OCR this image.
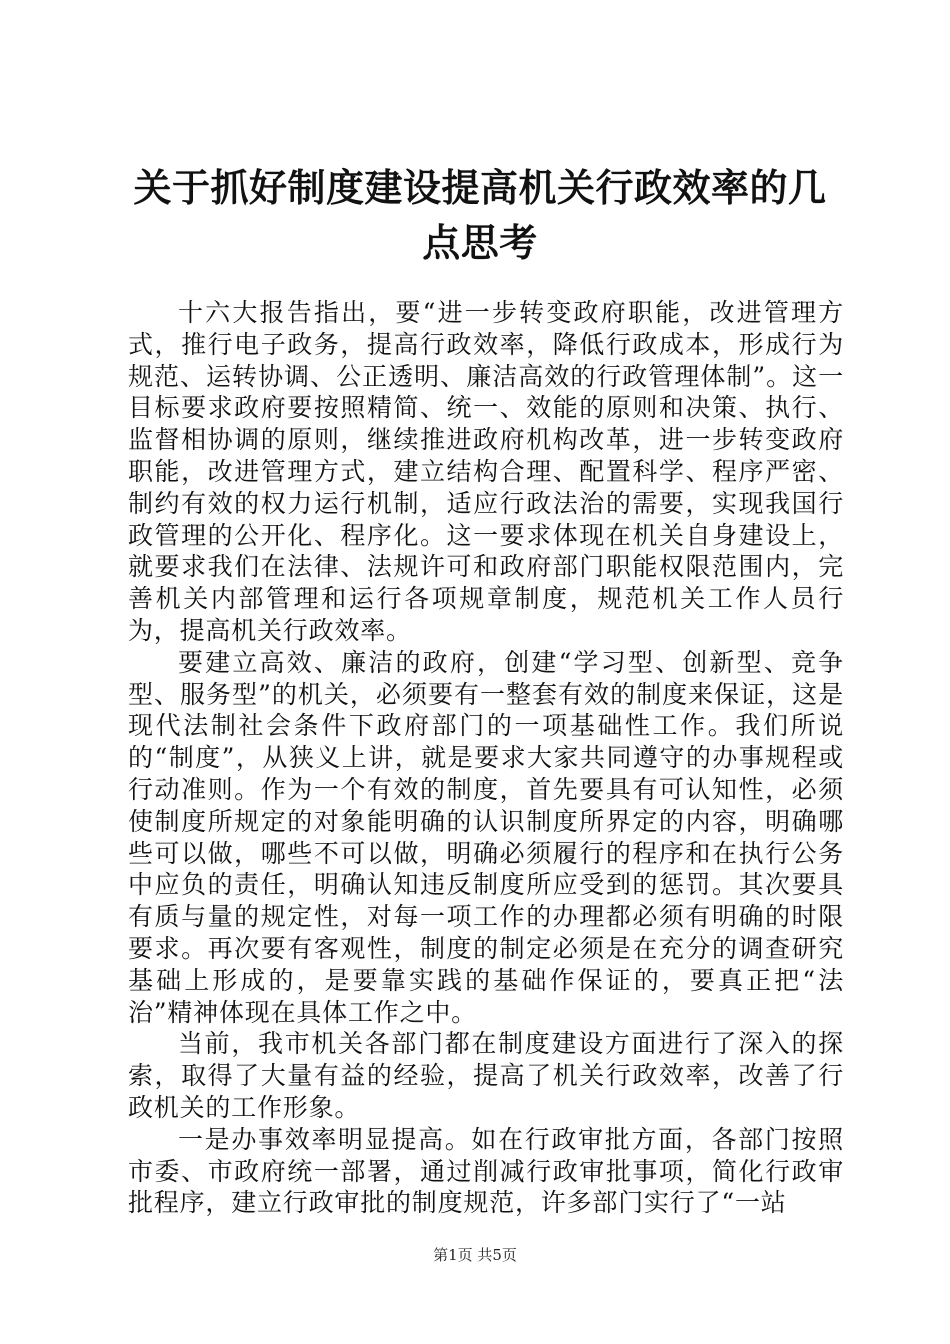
关于抓好制度建设提高机关行政效率的几点思考

十六大报告指出，要“进一步转变政府职能，改进管理方式，推行电子政务，提高行政效率，降低行政成本，形成行为规范、运转协调、公正透明、廉洁高效的行政管理体制”。这一目标要求政府要按照精简、统一、效能的原则和决策、执行、监督相协调的原则，继续推进政府机构改革，进一步转变政府职能，改进管理方式，建立结构合理、配置科学、程序严密、制约有效的权力运行机制，适应行政法治的需要，实现我国行政管理的公开化、程序化。这一要求体现在机关自身建设上，就要求我们在法律、法规许可和政府部门职能权限范围内，完善机关内部管理和运行各项规章制度，规范机关工作人员行为，提高机关行政效率。

要建立高效、廉洁的政府，创建“学习型、创新型、竞争型、服务型”的机关，必须要有一整套有效的制度来保证，这是现代法制社会条件下政府部门的一项基础性工作。我们所说的“制度”，从狭义上讲，就是要求大家共同遵守的办事规程或行动准则。作为一个有效的制度，首先要具有可认知性，必须使制度所规定的对象能明确的认识制度所界定的内容，明确哪些可以做，哪些不可以做，明确必须履行的程序和在执行公务中应负的责任，明确认知违反制度所应受到的惩罚。其次要具有质与量的规定性，对每一项工作的办理都必须有明确的时限要求。再次要有客观性，制度的制定必须是在充分的调查研究基础上形成的，是要靠实践的基础作保证的，要真正把“法治”精神体现在具体工作之中。

当前，我市机关各部门都在制度建设方面进行了深入的探索，取得了大量有益的经验，提高了机关行政效率，改善了行政机关的工作形象。

一是办事效率明显提高。如在行政审批方面，各部门按照市委、市政府统一部署，通过削减行政审批事项，简化行政审批程序，建立行政审批的制度规范，许多部门实行了“一站

第1页 共5页
